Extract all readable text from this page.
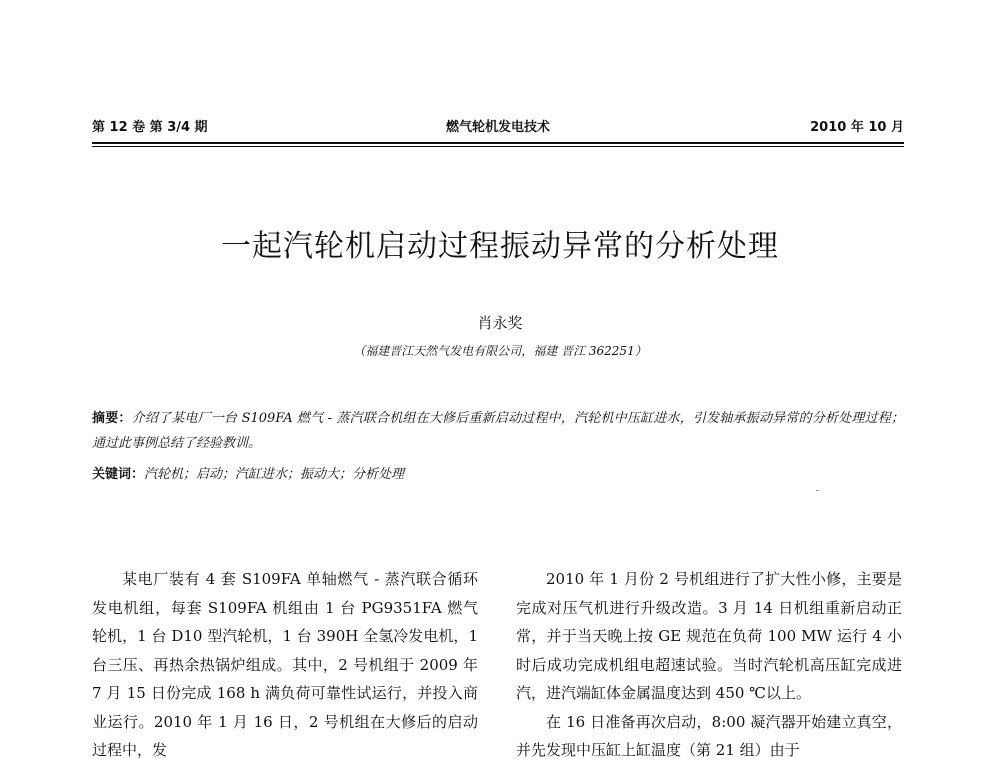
第 12 卷 第 3/4 期	燃气轮机发电技术	2010 年 10 月
一起汽轮机启动过程振动异常的分析处理
肖永奖
（福建晋江天然气发电有限公司，福建 晋江 362251）
摘要：介绍了某电厂一台 S109FA 燃气 - 蒸汽联合机组在大修后重新启动过程中，汽轮机中压缸进水，引发轴承振动异常的分析处理过程；通过此事例总结了经验教训。
关键词：汽轮机；启动；汽缸进水；振动大；分析处理

某电厂装有 4 套 S109FA 单轴燃气 - 蒸汽联合循环发电机组，每套 S109FA 机组由 1 台 PG9351FA 燃气轮机，1 台 D10 型汽轮机，1 台 390H 全氢冷发电机，1 台三压、再热余热锅炉组成。其中，2 号机组于 2009 年 7 月 15 日份完成 168 h 满负荷可靠性试运行，并投入商业运行。2010 年 1 月 16 日，2 号机组在大修后的启动过程中，发

2010 年 1 月份 2 号机组进行了扩大性小修，主要是完成对压气机进行升级改造。3 月 14 日机组重新启动正常，并于当天晚上按 GE 规范在负荷 100 MW 运行 4 小时后成功完成机组电超速试验。当时汽轮机高压缸完成进汽，进汽端缸体金属温度达到 450 ℃以上。

在 16 日准备再次启动，8:00 凝汽器开始建立真空，并先发现中压缸上缸温度（第 21 组）由于
